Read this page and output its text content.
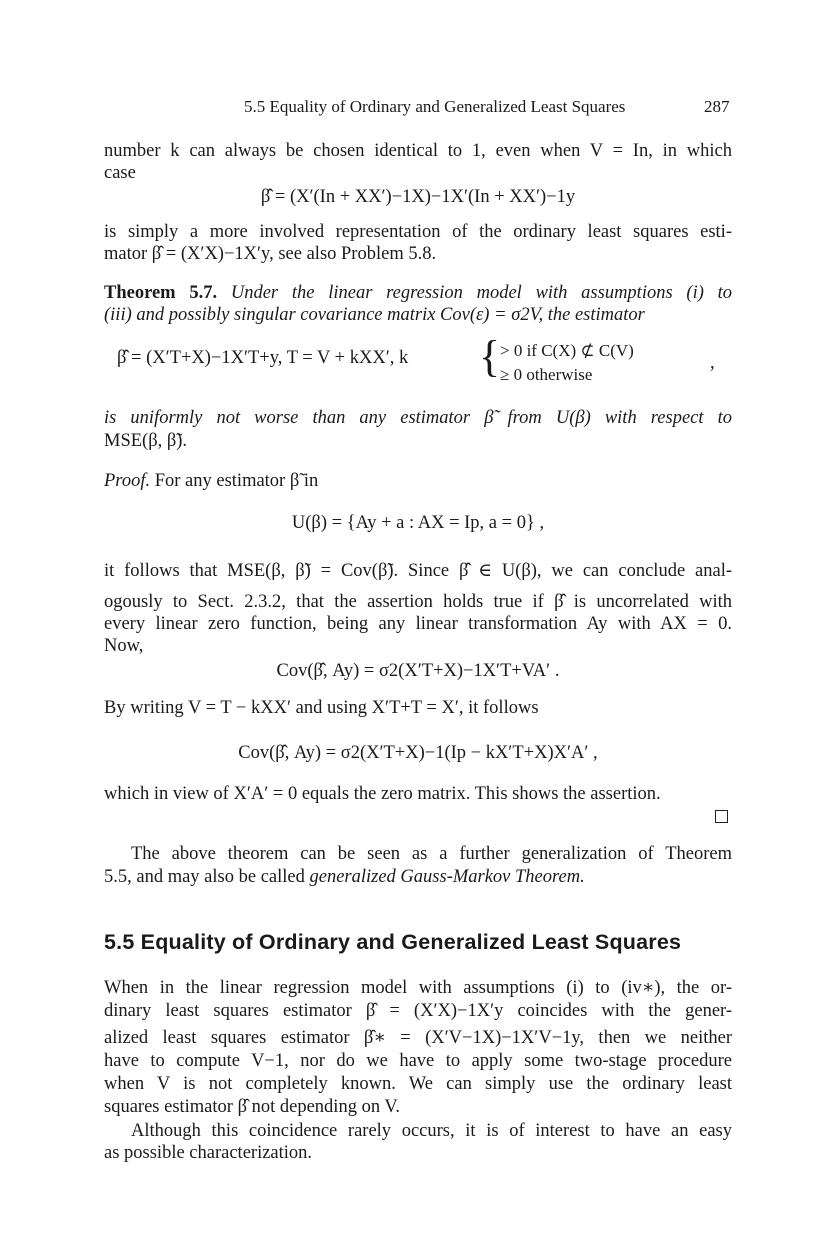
5.5 Equality of Ordinary and Generalized Least Squares	287
number k can always be chosen identical to 1, even when V = In, in which
case
β̂̂ = (X′(In + XX′)−1X)−1X′(In + XX′)−1y
is simply a more involved representation of the ordinary least squares esti-
mator β̂ = (X′X)−1X′y, see also Problem 5.8.
Theorem 5.7. Under the linear regression model with assumptions (i) to
(iii) and possibly singular covariance matrix Cov(ε) = σ2V, the estimator
β̂̂ = (X′T+X)−1X′T+y, T = V + kXX′, k	{ > 0 if C(X) ⊄ C(V)
≥ 0 otherwise
,
is uniformly not worse than any estimator β̃ from U(β) with respect to
MSE(β, β̃).
Proof. For any estimator β̃ in
U(β) = {Ay + a : AX = Ip, a = 0} ,
it follows that MSE(β, β̃) = Cov(β̃). Since β̂̂ ∈ U(β), we can conclude anal-
ogously to Sect. 2.3.2, that the assertion holds true if β̂̂ is uncorrelated with
every linear zero function, being any linear transformation Ay with AX = 0.
Now,
Cov(β̂̂, Ay) = σ2(X′T+X)−1X′T+VA′ .
By writing V = T − kXX′ and using X′T+T = X′, it follows
Cov(β̂̂, Ay) = σ2(X′T+X)−1(Ip − kX′T+X)X′A′ ,
which in view of X′A′ = 0 equals the zero matrix. This shows the assertion.
The above theorem can be seen as a further generalization of Theorem
5.5, and may also be called generalized Gauss-Markov Theorem.
5.5 Equality of Ordinary and Generalized Least Squares
When in the linear regression model with assumptions (i) to (iv∗), the or-
dinary least squares estimator β̂ = (X′X)−1X′y coincides with the gener-
alized least squares estimator β̂∗ = (X′V−1X)−1X′V−1y, then we neither
have to compute V−1, nor do we have to apply some two-stage procedure
when V is not completely known. We can simply use the ordinary least
squares estimator β̂ not depending on V.
Although this coincidence rarely occurs, it is of interest to have an easy
as possible characterization.
